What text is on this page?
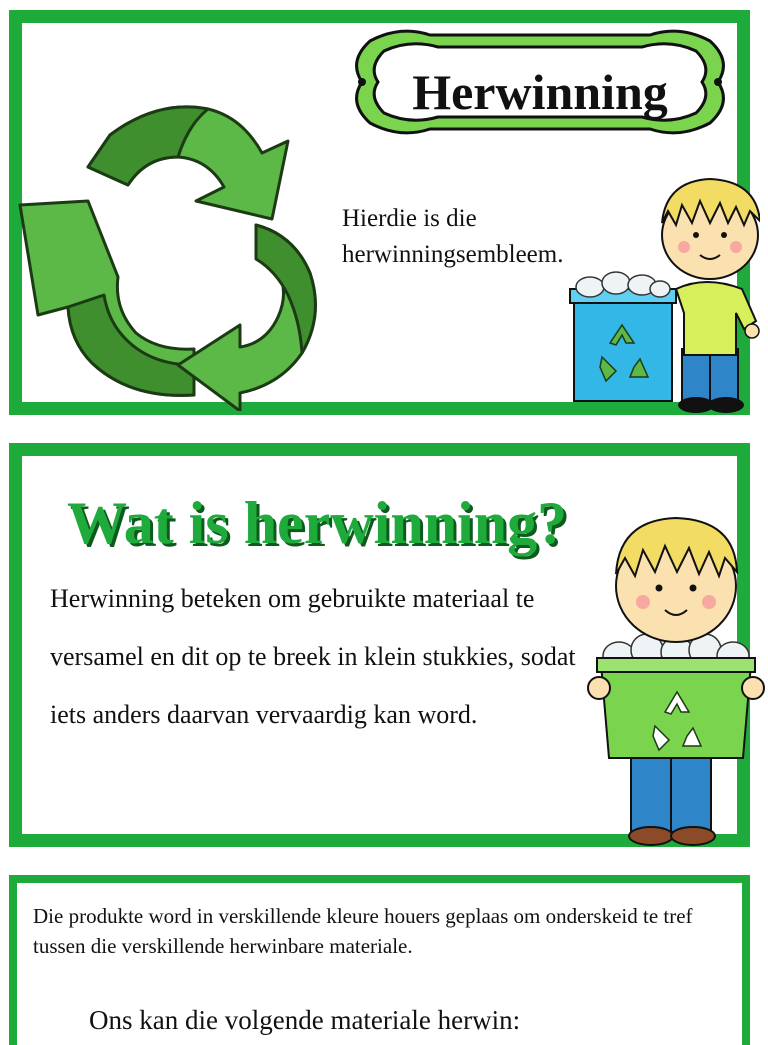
Herwinning
Hierdie is die herwinningsembleem.
Wat is herwinning?
Herwinning beteken om gebruikte materiaal te versamel en dit op te breek in klein stukkies, sodat iets anders daarvan vervaardig kan word.
Die produkte word in verskillende kleure houers geplaas om onderskeid te tref tussen die verskillende herwinbare materiale.
Ons kan die volgende materiale herwin:
